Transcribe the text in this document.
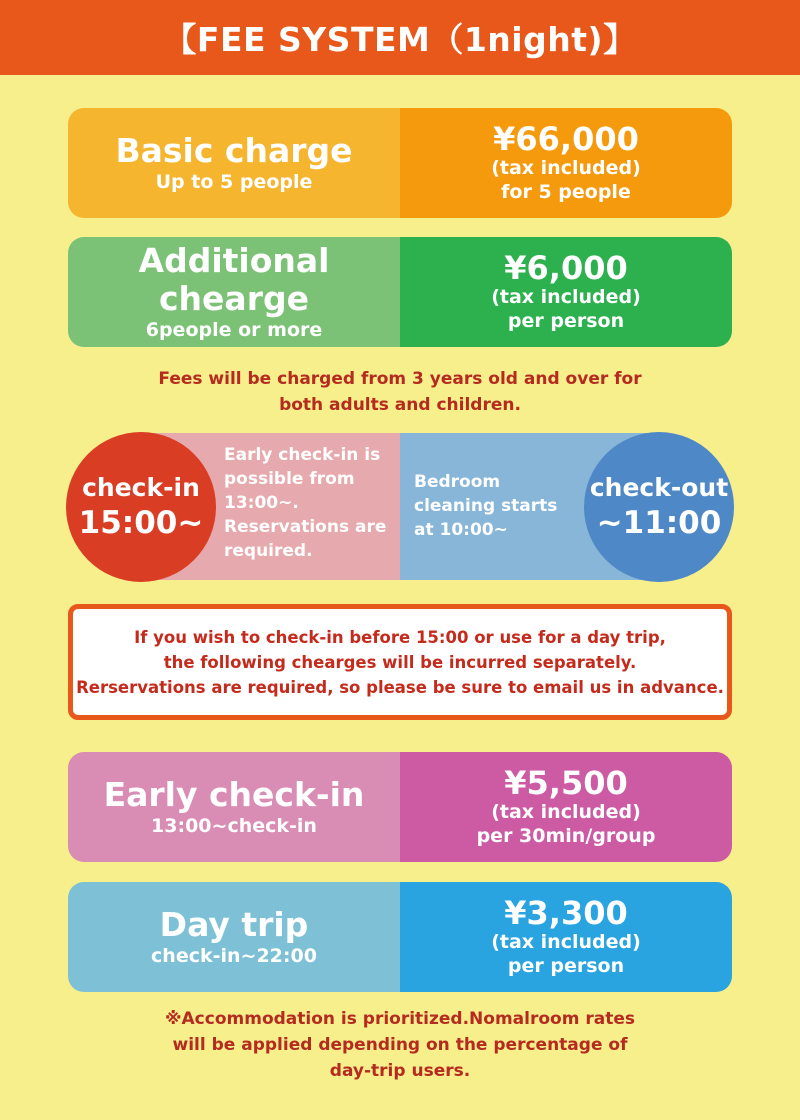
【FEE SYSTEM（1night)】
Basic charge
Up to 5 people
¥66,000
(tax included)
for 5 people
Additional chearge
6people or more
¥6,000
(tax included)
per person
Fees will be charged from 3 years old and over for
both adults and children.
check-in
15:00~
Early check-in is
possible from
13:00~.
Reservations are
required.
Bedroom
cleaning starts
at 10:00~
check-out
~11:00
If you wish to check-in before 15:00 or use for a day trip,
the following chearges will be incurred separately.
Rerservations are required, so please be sure to email us in advance.
Early check-in
13:00~check-in
¥5,500
(tax included)
per 30min/group
Day trip
check-in~22:00
¥3,300
(tax included)
per person
※Accommodation is prioritized.Nomalroom rates
will be applied depending on the percentage of
day-trip users.
